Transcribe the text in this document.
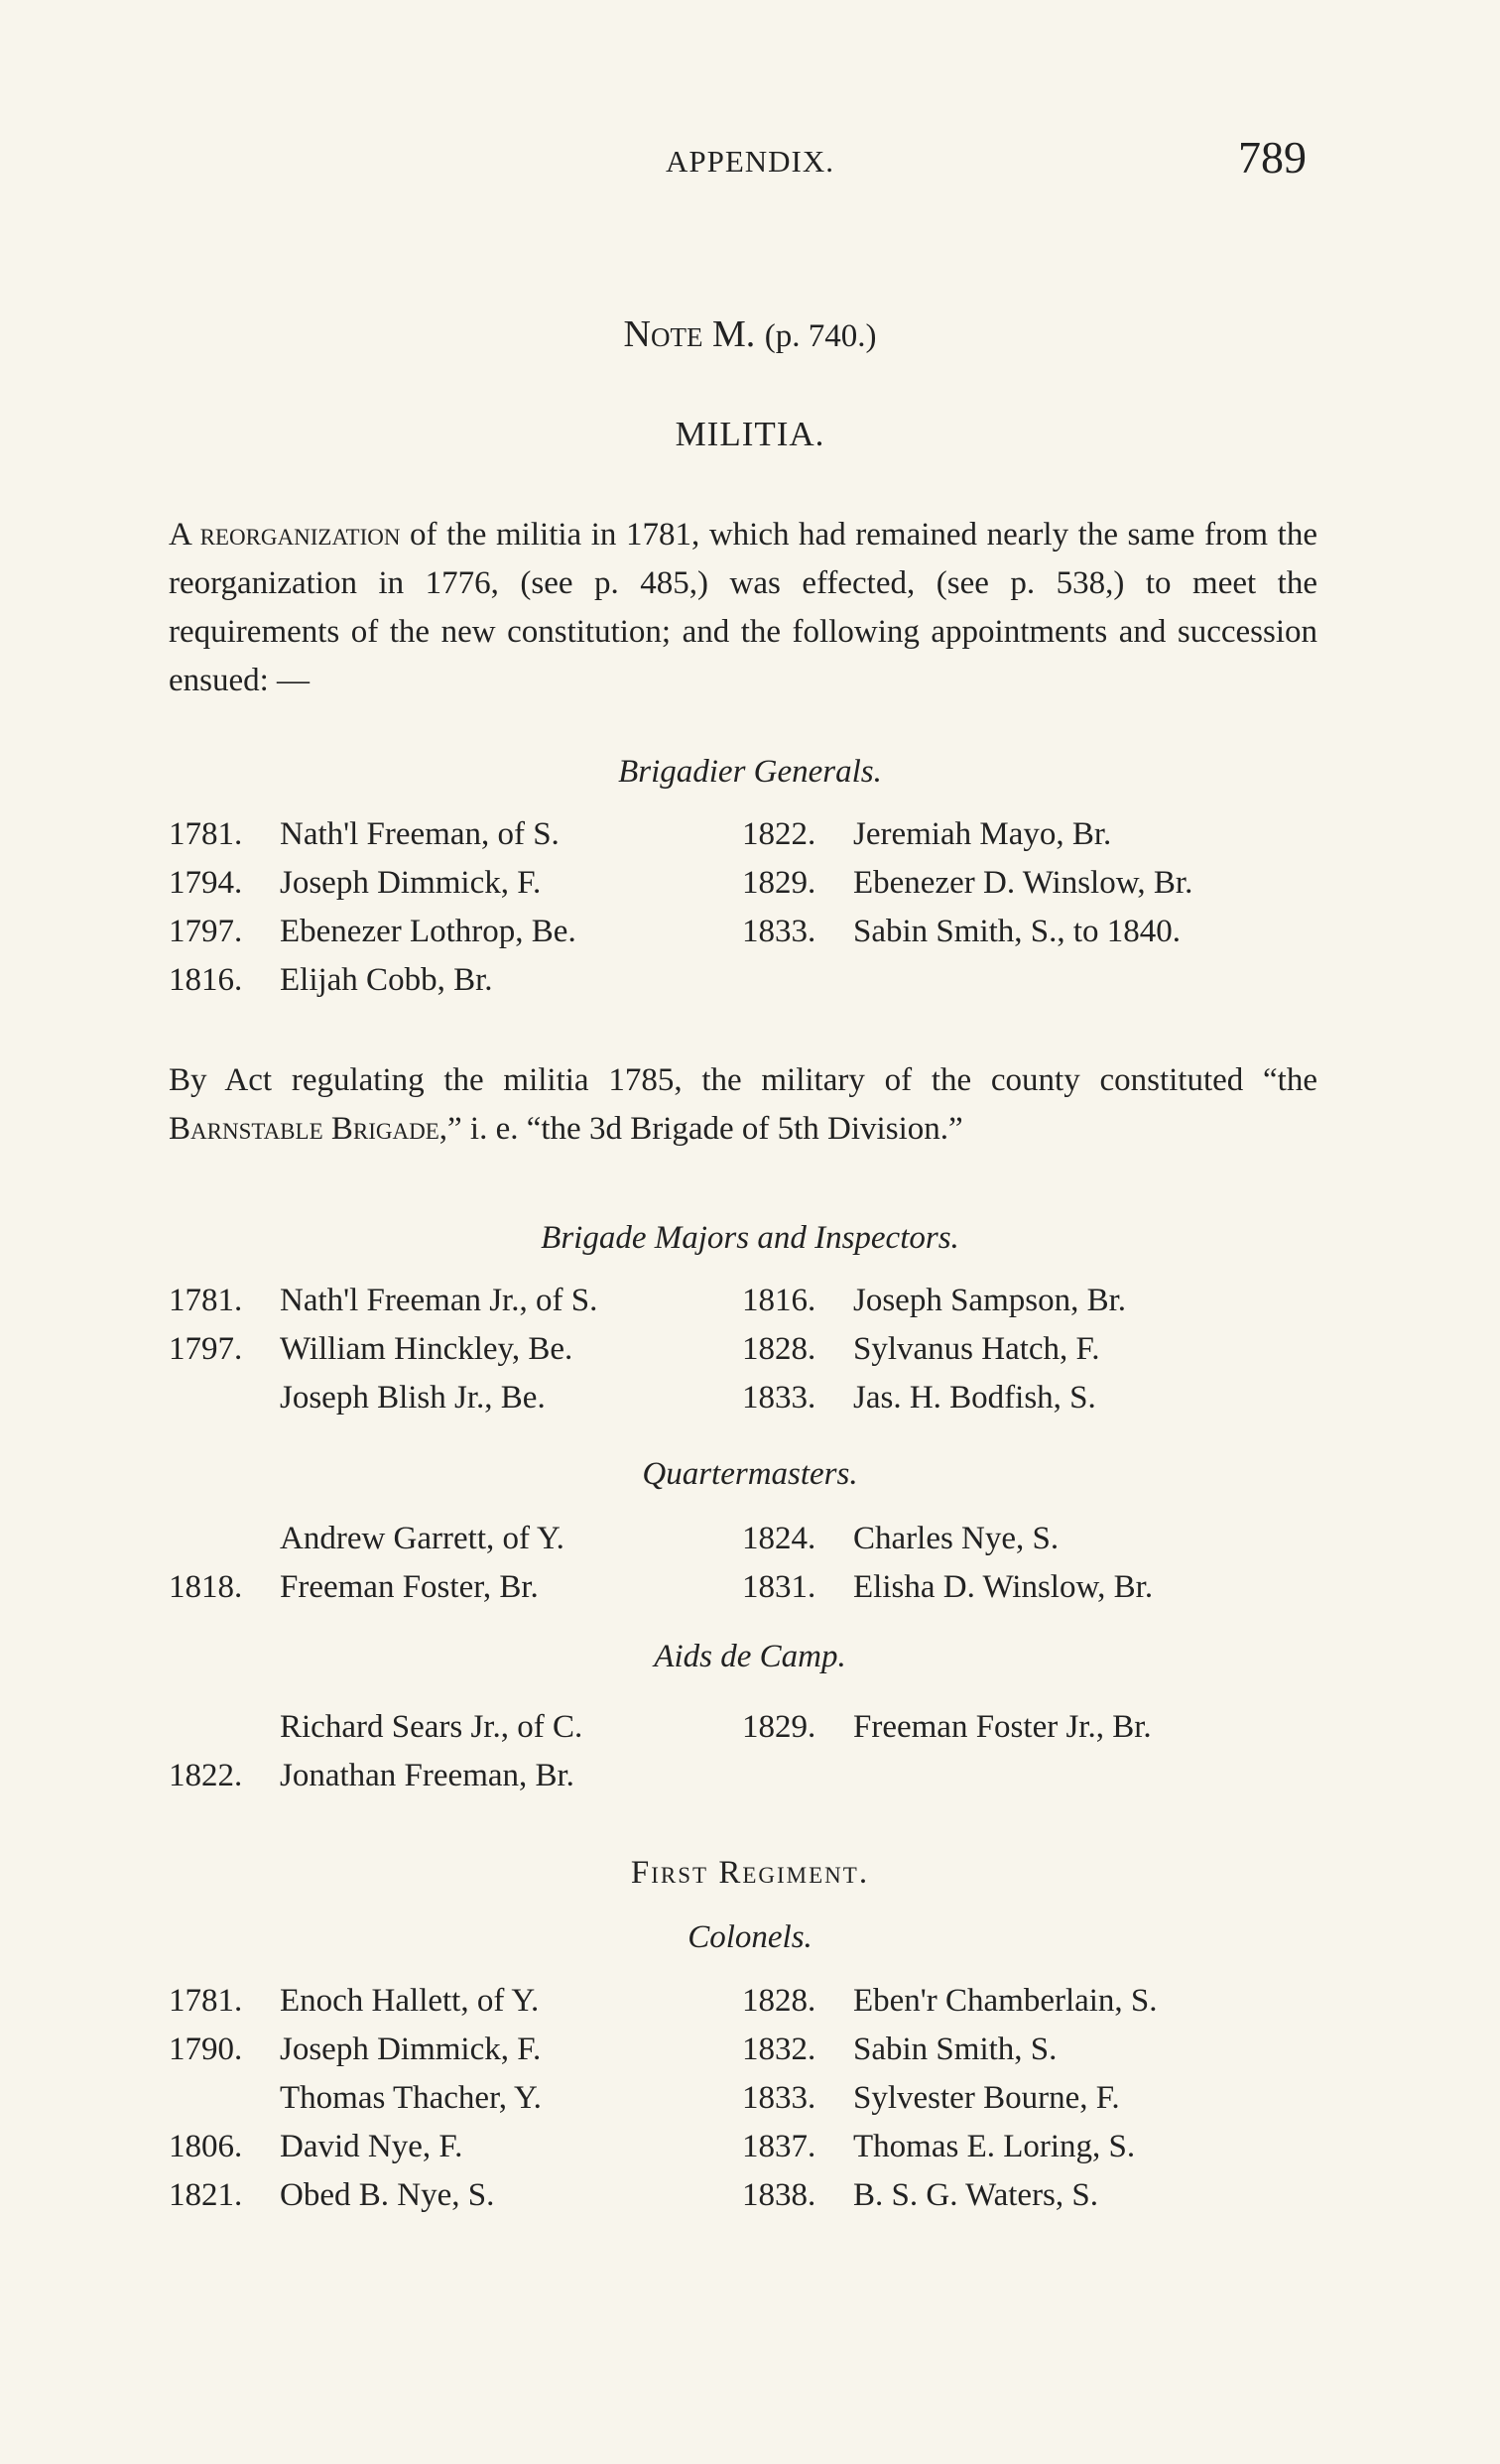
APPENDIX.	789
Note M. (p. 740.)
MILITIA.
A reorganization of the militia in 1781, which had remained nearly the same from the reorganization in 1776, (see p. 485,) was effected, (see p. 538,) to meet the requirements of the new constitution; and the following appointments and succession ensued: —
Brigadier Generals.
1781. Nath'l Freeman, of S.
1794. Joseph Dimmick, F.
1797. Ebenezer Lothrop, Be.
1816. Elijah Cobb, Br.
1822. Jeremiah Mayo, Br.
1829. Ebenezer D. Winslow, Br.
1833. Sabin Smith, S., to 1840.
By Act regulating the militia 1785, the military of the county constituted “the Barnstable Brigade,” i. e. “the 3d Brigade of 5th Division.”
Brigade Majors and Inspectors.
1781. Nath'l Freeman Jr., of S.
1797. William Hinckley, Be.
Joseph Blish Jr., Be.
1816. Joseph Sampson, Br.
1828. Sylvanus Hatch, F.
1833. Jas. H. Bodfish, S.
Quartermasters.
Andrew Garrett, of Y.
1818. Freeman Foster, Br.
1824. Charles Nye, S.
1831. Elisha D. Winslow, Br.
Aids de Camp.
Richard Sears Jr., of C.
1822. Jonathan Freeman, Br.
1829. Freeman Foster Jr., Br.
First Regiment.
Colonels.
1781. Enoch Hallett, of Y.
1790. Joseph Dimmick, F.
Thomas Thacher, Y.
1806. David Nye, F.
1821. Obed B. Nye, S.
1828. Eben'r Chamberlain, S.
1832. Sabin Smith, S.
1833. Sylvester Bourne, F.
1837. Thomas E. Loring, S.
1838. B. S. G. Waters, S.
